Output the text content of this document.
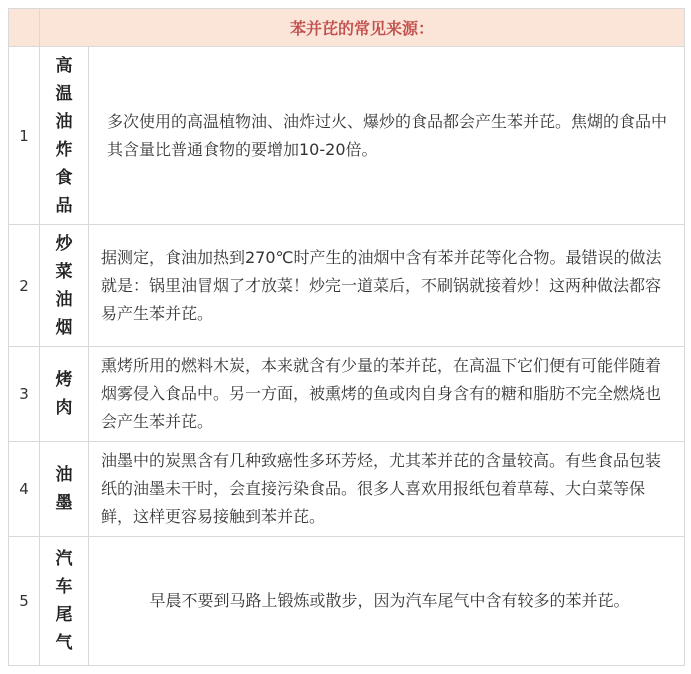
苯并芘的常见来源：
1
高温油炸食品
多次使用的高温植物油、油炸过火、爆炒的食品都会产生苯并芘。焦煳的食品中其含量比普通食物的要增加10-20倍。
2
炒菜油烟
据测定，食油加热到270℃时产生的油烟中含有苯并芘等化合物。最错误的做法就是：锅里油冒烟了才放菜！炒完一道菜后，不刷锅就接着炒！这两种做法都容易产生苯并芘。
3
烤肉
熏烤所用的燃料木炭，本来就含有少量的苯并芘，在高温下它们便有可能伴随着烟雾侵入食品中。另一方面，被熏烤的鱼或肉自身含有的糖和脂肪不完全燃烧也会产生苯并芘。
4
油墨
油墨中的炭黑含有几种致癌性多环芳烃，尤其苯并芘的含量较高。有些食品包装纸的油墨未干时，会直接污染食品。很多人喜欢用报纸包着草莓、大白菜等保鲜，这样更容易接触到苯并芘。
5
汽车尾气
早晨不要到马路上锻炼或散步，因为汽车尾气中含有较多的苯并芘。
